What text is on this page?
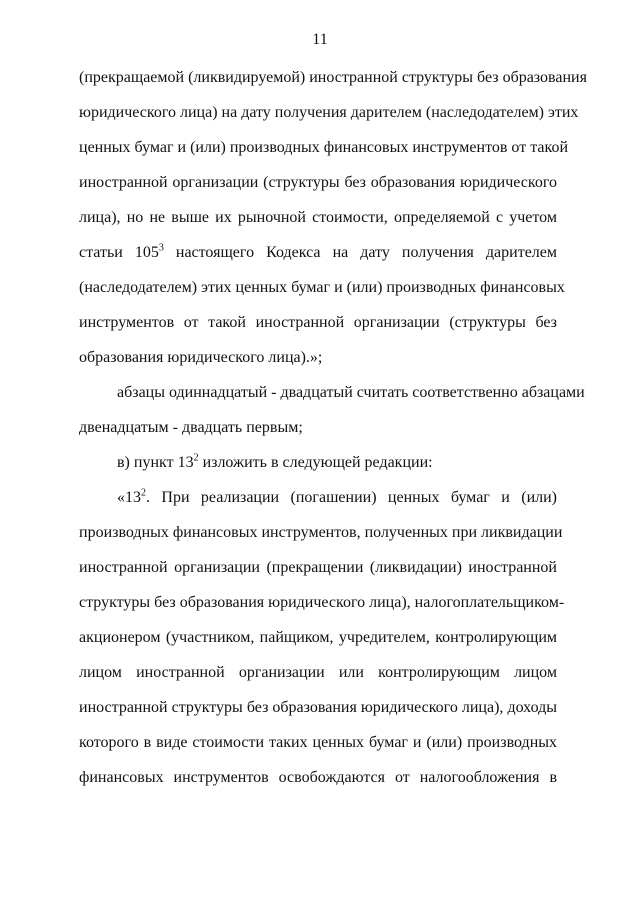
11
(прекращаемой (ликвидируемой) иностранной структуры без образования
юридического лица) на дату получения дарителем (наследодателем) этих
ценных бумаг и (или) производных финансовых инструментов от такой
иностранной организации (структуры без образования юридического
лица), но не выше их рыночной стоимости, определяемой с учетом
статьи $105^3$ настоящего Кодекса на дату получения дарителем
(наследодателем) этих ценных бумаг и (или) производных финансовых
инструментов от такой иностранной организации (структуры без
образования юридического лица).»;
абзацы одиннадцатый - двадцатый считать соответственно абзацами
двенадцатым - двадцать первым;
в) пункт $13^2$ изложить в следующей редакции:
«$13^2$. При реализации (погашении) ценных бумаг и (или)
производных финансовых инструментов, полученных при ликвидации
иностранной организации (прекращении (ликвидации) иностранной
структуры без образования юридического лица), налогоплательщиком-
акционером (участником, пайщиком, учредителем, контролирующим
лицом иностранной организации или контролирующим лицом
иностранной структуры без образования юридического лица), доходы
которого в виде стоимости таких ценных бумаг и (или) производных
финансовых инструментов освобождаются от налогообложения в
